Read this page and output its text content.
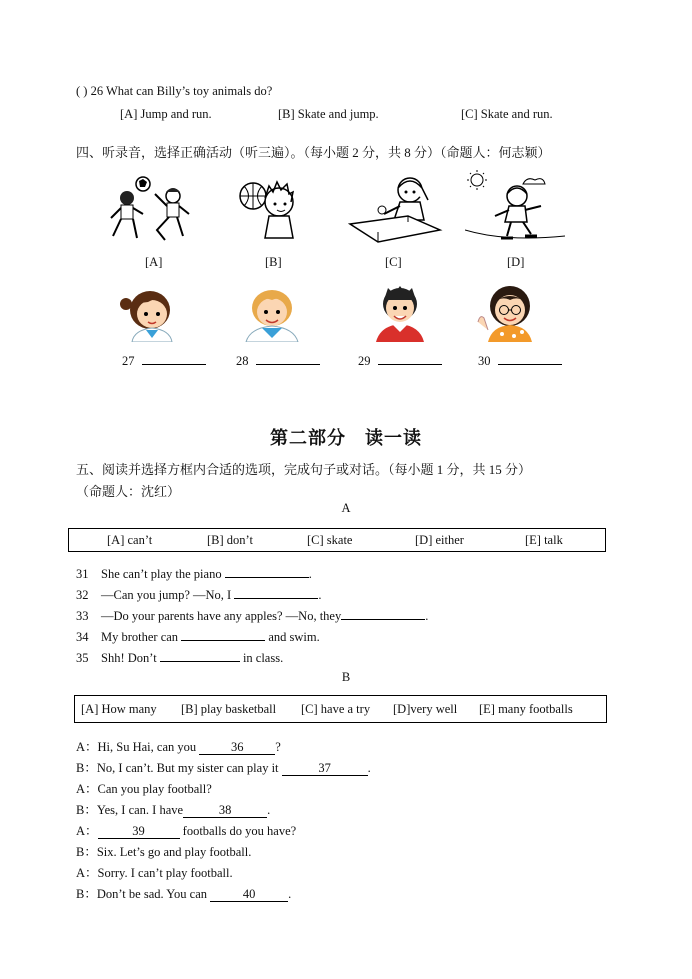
( ) 26 What can Billy’s toy animals do?
[A] Jump and run.	[B] Skate and jump.	[C] Skate and run.
四、听录音，选择正确活动（听三遍）。（每小题 2 分，共 8 分）（命题人：何志颖）
[A]	[B]	[C]	[D]
27	28	29	30
第二部分　读一读
五、阅读并选择方框内合适的选项，完成句子或对话。（每小题 1 分，共 15 分）
（命题人：沈红）
A
[A] can’t	[B] don’t	[C] skate	[D] either	[E] talk
31 She can’t play the piano	.
32 —Can you jump? —No, I	.
33 —Do your parents have any apples? —No, they	.
34 My brother can	and swim.
35 Shh! Don’t	in class.
B
[A] How many [B] play basketball [C] have a try [D]very well [E] many footballs
A：Hi, Su Hai, can you	36	?
B：No, I can’t. But my sister can play it	37	.
A：Can you play football?
B：Yes, I can. I have	38	.
A：	39	footballs do you have?
B：Six. Let’s go and play football.
A：Sorry. I can’t play football.
B：Don’t be sad. You can	40	.
